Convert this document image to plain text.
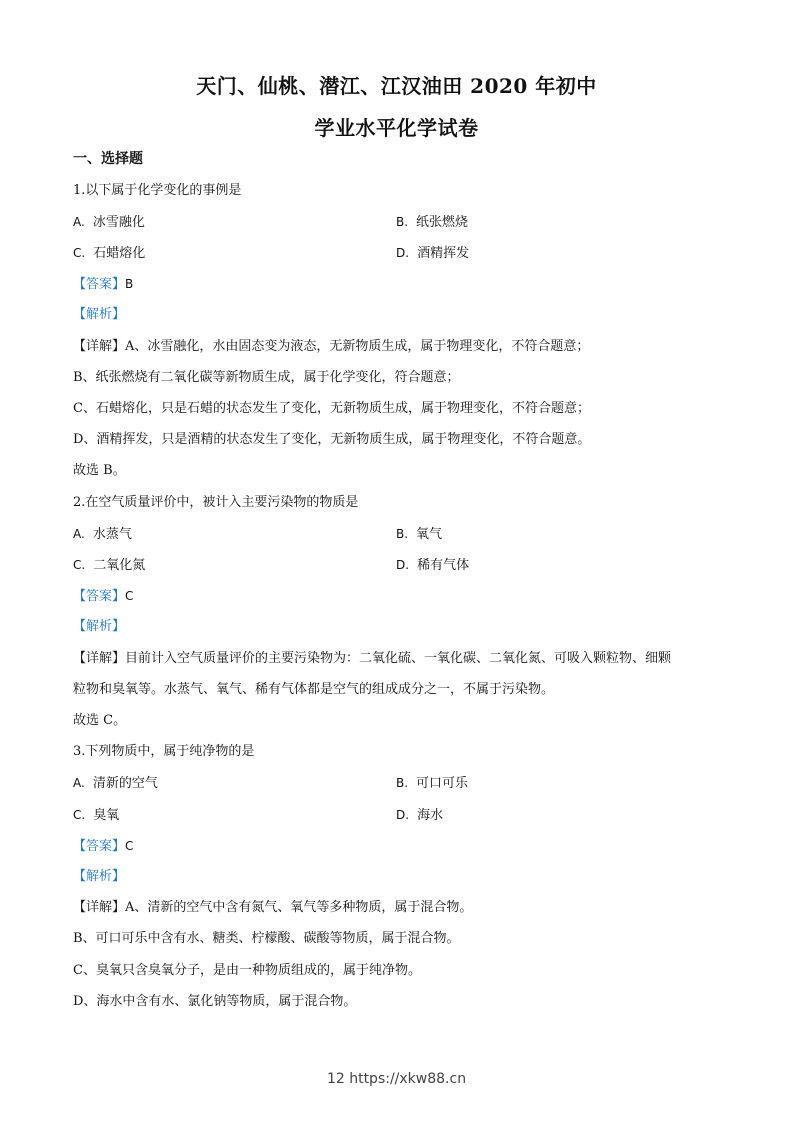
天门、仙桃、潜江、江汉油田 2020 年初中
学业水平化学试卷
一、选择题
1.以下属于化学变化的事例是
A. 冰雪融化	B. 纸张燃烧
C. 石蜡熔化	D. 酒精挥发
【答案】B
【解析】
【详解】A、冰雪融化，水由固态变为液态，无新物质生成，属于物理变化，不符合题意；
B、纸张燃烧有二氧化碳等新物质生成，属于化学变化，符合题意；
C、石蜡熔化，只是石蜡的状态发生了变化，无新物质生成，属于物理变化，不符合题意；
D、酒精挥发，只是酒精的状态发生了变化，无新物质生成，属于物理变化，不符合题意。
故选 B。
2.在空气质量评价中，被计入主要污染物的物质是
A. 水蒸气	B. 氧气
C. 二氧化氮	D. 稀有气体
【答案】C
【解析】
【详解】目前计入空气质量评价的主要污染物为：二氧化硫、一氧化碳、二氧化氮、可吸入颗粒物、细颗
粒物和臭氧等。水蒸气、氧气、稀有气体都是空气的组成成分之一，不属于污染物。
故选 C。
3.下列物质中，属于纯净物的是
A. 清新的空气	B. 可口可乐
C. 臭氧	D. 海水
【答案】C
【解析】
【详解】A、清新的空气中含有氮气、氧气等多种物质，属于混合物。
B、可口可乐中含有水、糖类、柠檬酸、碳酸等物质，属于混合物。
C、臭氧只含臭氧分子，是由一种物质组成的，属于纯净物。
D、海水中含有水、氯化钠等物质，属于混合物。
12 https://xkw88.cn
